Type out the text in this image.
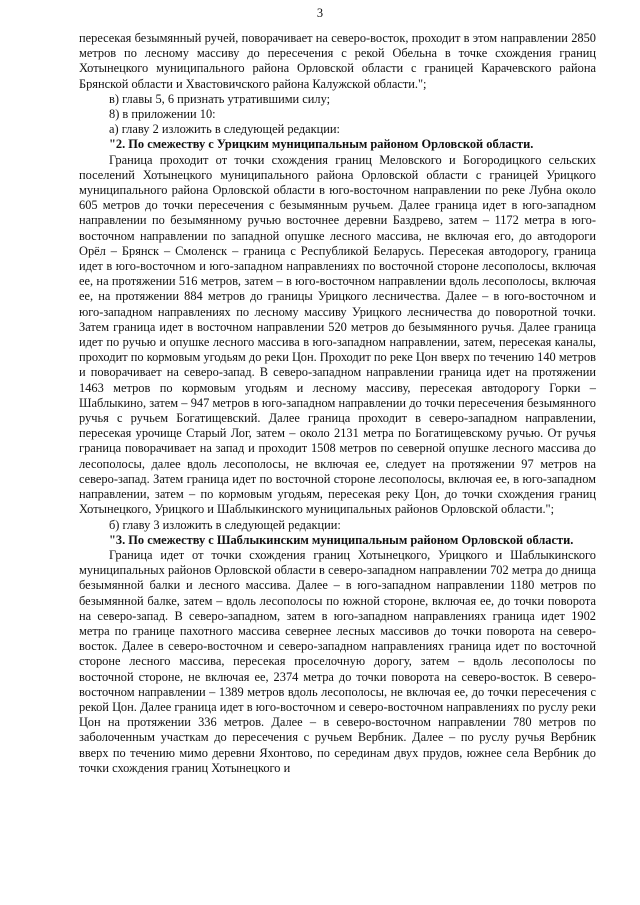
3

пересекая безымянный ручей, поворачивает на северо-восток, проходит в этом направлении 2850 метров по лесному массиву до пересечения с рекой Обельна в точке схождения границ Хотынецкого муниципального района Орловской области с границей Карачевского района Брянской области и Хвастовичского района Калужской области.";

в) главы 5, 6 признать утратившими силу;

8) в приложении 10:

а) главу 2 изложить в следующей редакции:

"2. По смежеству с Урицким муниципальным районом Орловской области.

Граница проходит от точки схождения границ Меловского и Богородицкого сельских поселений Хотынецкого муниципального района Орловской области с границей Урицкого муниципального района Орловской области в юго-восточном направлении по реке Лубна около 605 метров до точки пересечения с безымянным ручьем. Далее граница идет в юго-западном направлении по безымянному ручью восточнее деревни Баздрево, затем – 1172 метра в юго-восточном направлении по западной опушке лесного массива, не включая его, до автодороги Орёл – Брянск – Смоленск – граница с Республикой Беларусь. Пересекая автодорогу, граница идет в юго-восточном и юго-западном направлениях по восточной стороне лесополосы, включая ее, на протяжении 516 метров, затем – в юго-восточном направлении вдоль лесополосы, включая ее, на протяжении 884 метров до границы Урицкого лесничества. Далее – в юго-восточном и юго-западном направлениях по лесному массиву Урицкого лесничества до поворотной точки. Затем граница идет в восточном направлении 520 метров до безымянного ручья. Далее граница идет по ручью и опушке лесного массива в юго-западном направлении, затем, пересекая каналы, проходит по кормовым угодьям до реки Цон. Проходит по реке Цон вверх по течению 140 метров и поворачивает на северо-запад. В северо-западном направлении граница идет на протяжении 1463 метров по кормовым угодьям и лесному массиву, пересекая автодорогу Горки – Шаблыкино, затем – 947 метров в юго-западном направлении до точки пересечения безымянного ручья с ручьем Богатищевский. Далее граница проходит в северо-западном направлении, пересекая урочище Старый Лог, затем – около 2131 метра по Богатищевскому ручью. От ручья граница поворачивает на запад и проходит 1508 метров по северной опушке лесного массива до лесополосы, далее вдоль лесополосы, не включая ее, следует на протяжении 97 метров на северо-запад. Затем граница идет по восточной стороне лесополосы, включая ее, в юго-западном направлении, затем – по кормовым угодьям, пересекая реку Цон, до точки схождения границ Хотынецкого, Урицкого и Шаблыкинского муниципальных районов Орловской области.";

б) главу 3 изложить в следующей редакции:

"3. По смежеству с Шаблыкинским муниципальным районом Орловской области.

Граница идет от точки схождения границ Хотынецкого, Урицкого и Шаблыкинского муниципальных районов Орловской области в северо-западном направлении 702 метра до днища безымянной балки и лесного массива. Далее – в юго-западном направлении 1180 метров по безымянной балке, затем – вдоль лесополосы по южной стороне, включая ее, до точки поворота на северо-запад. В северо-западном, затем в юго-западном направлениях граница идет 1902 метра по границе пахотного массива севернее лесных массивов до точки поворота на северо-восток. Далее в северо-восточном и северо-западном направлениях граница идет по восточной стороне лесного массива, пересекая проселочную дорогу, затем – вдоль лесополосы по восточной стороне, не включая ее, 2374 метра до точки поворота на северо-восток. В северо-восточном направлении – 1389 метров вдоль лесополосы, не включая ее, до точки пересечения с рекой Цон. Далее граница идет в юго-восточном и северо-восточном направлениях по руслу реки Цон на протяжении 336 метров. Далее – в северо-восточном направлении 780 метров по заболоченным участкам до пересечения с ручьем Вербник. Далее – по руслу ручья Вербник вверх по течению мимо деревни Яхонтово, по серединам двух прудов, южнее села Вербник до точки схождения границ Хотынецкого и
